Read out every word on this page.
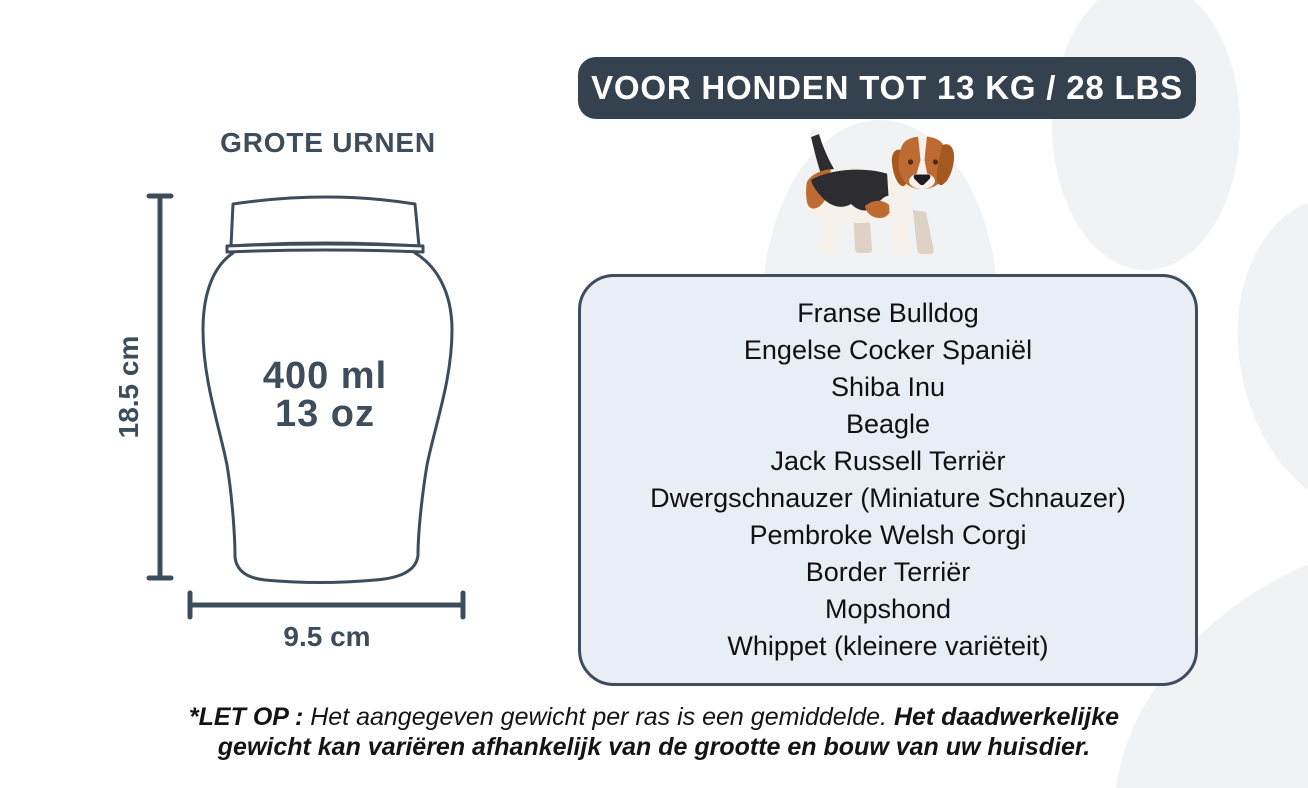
VOOR HONDEN TOT 13 KG / 28 LBS
GROTE URNEN
18.5 cm
9.5 cm
400 ml
13 oz
Franse Bulldog
Engelse Cocker Spaniël
Shiba Inu
Beagle
Jack Russell Terriër
Dwergschnauzer (Miniature Schnauzer)
Pembroke Welsh Corgi
Border Terriër
Mopshond
Whippet (kleinere variëteit)
*LET OP : Het aangegeven gewicht per ras is een gemiddelde. Het daadwerkelijke gewicht kan variëren afhankelijk van de grootte en bouw van uw huisdier.
